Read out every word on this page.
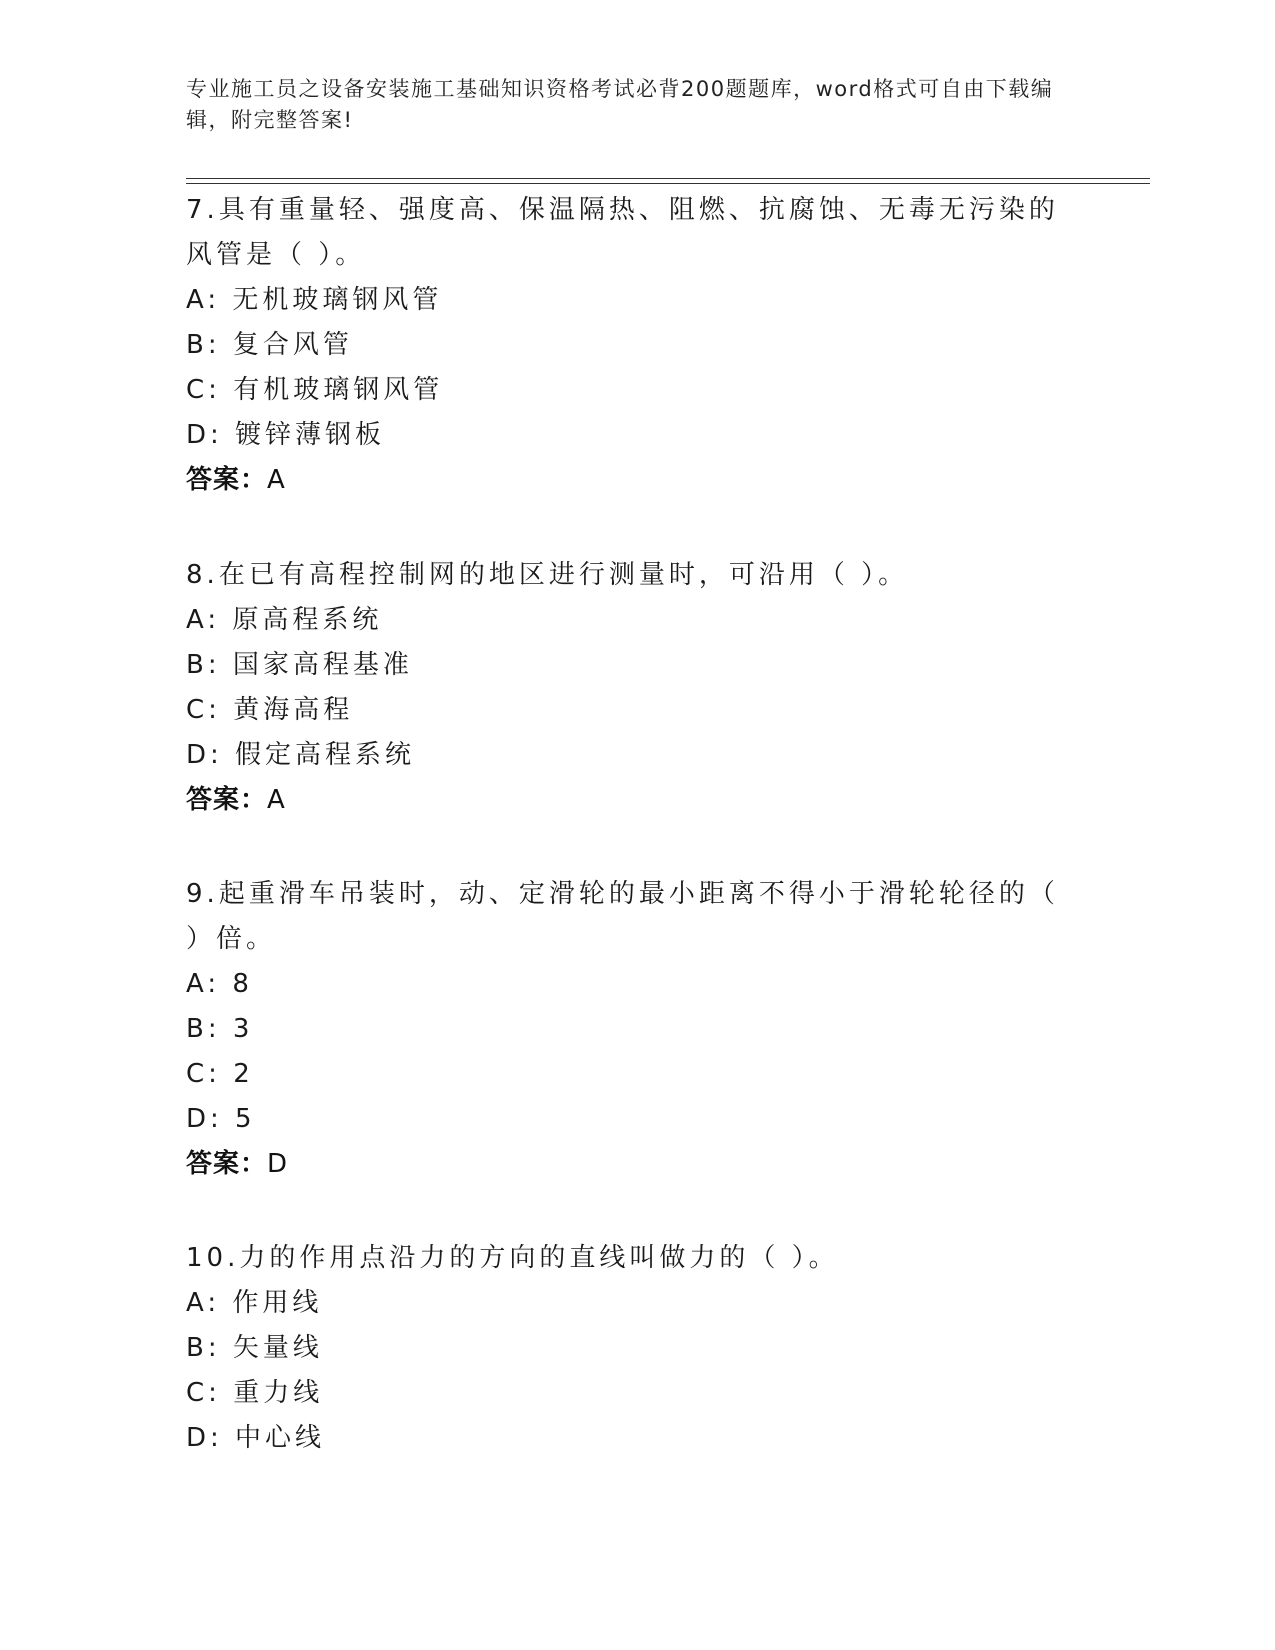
专业施工员之设备安装施工基础知识资格考试必背200题题库，word格式可自由下载编辑，附完整答案!
7.具有重量轻、强度高、保温隔热、阻燃、抗腐蚀、无毒无污染的风管是（ ）。
A: 无机玻璃钢风管
B: 复合风管
C: 有机玻璃钢风管
D: 镀锌薄钢板
答案：A
8.在已有高程控制网的地区进行测量时，可沿用（ ）。
A: 原高程系统
B: 国家高程基准
C: 黄海高程
D: 假定高程系统
答案：A
9.起重滑车吊装时，动、定滑轮的最小距离不得小于滑轮轮径的（ ）倍。
A: 8
B: 3
C: 2
D: 5
答案：D
10.力的作用点沿力的方向的直线叫做力的（ ）。
A: 作用线
B: 矢量线
C: 重力线
D: 中心线
